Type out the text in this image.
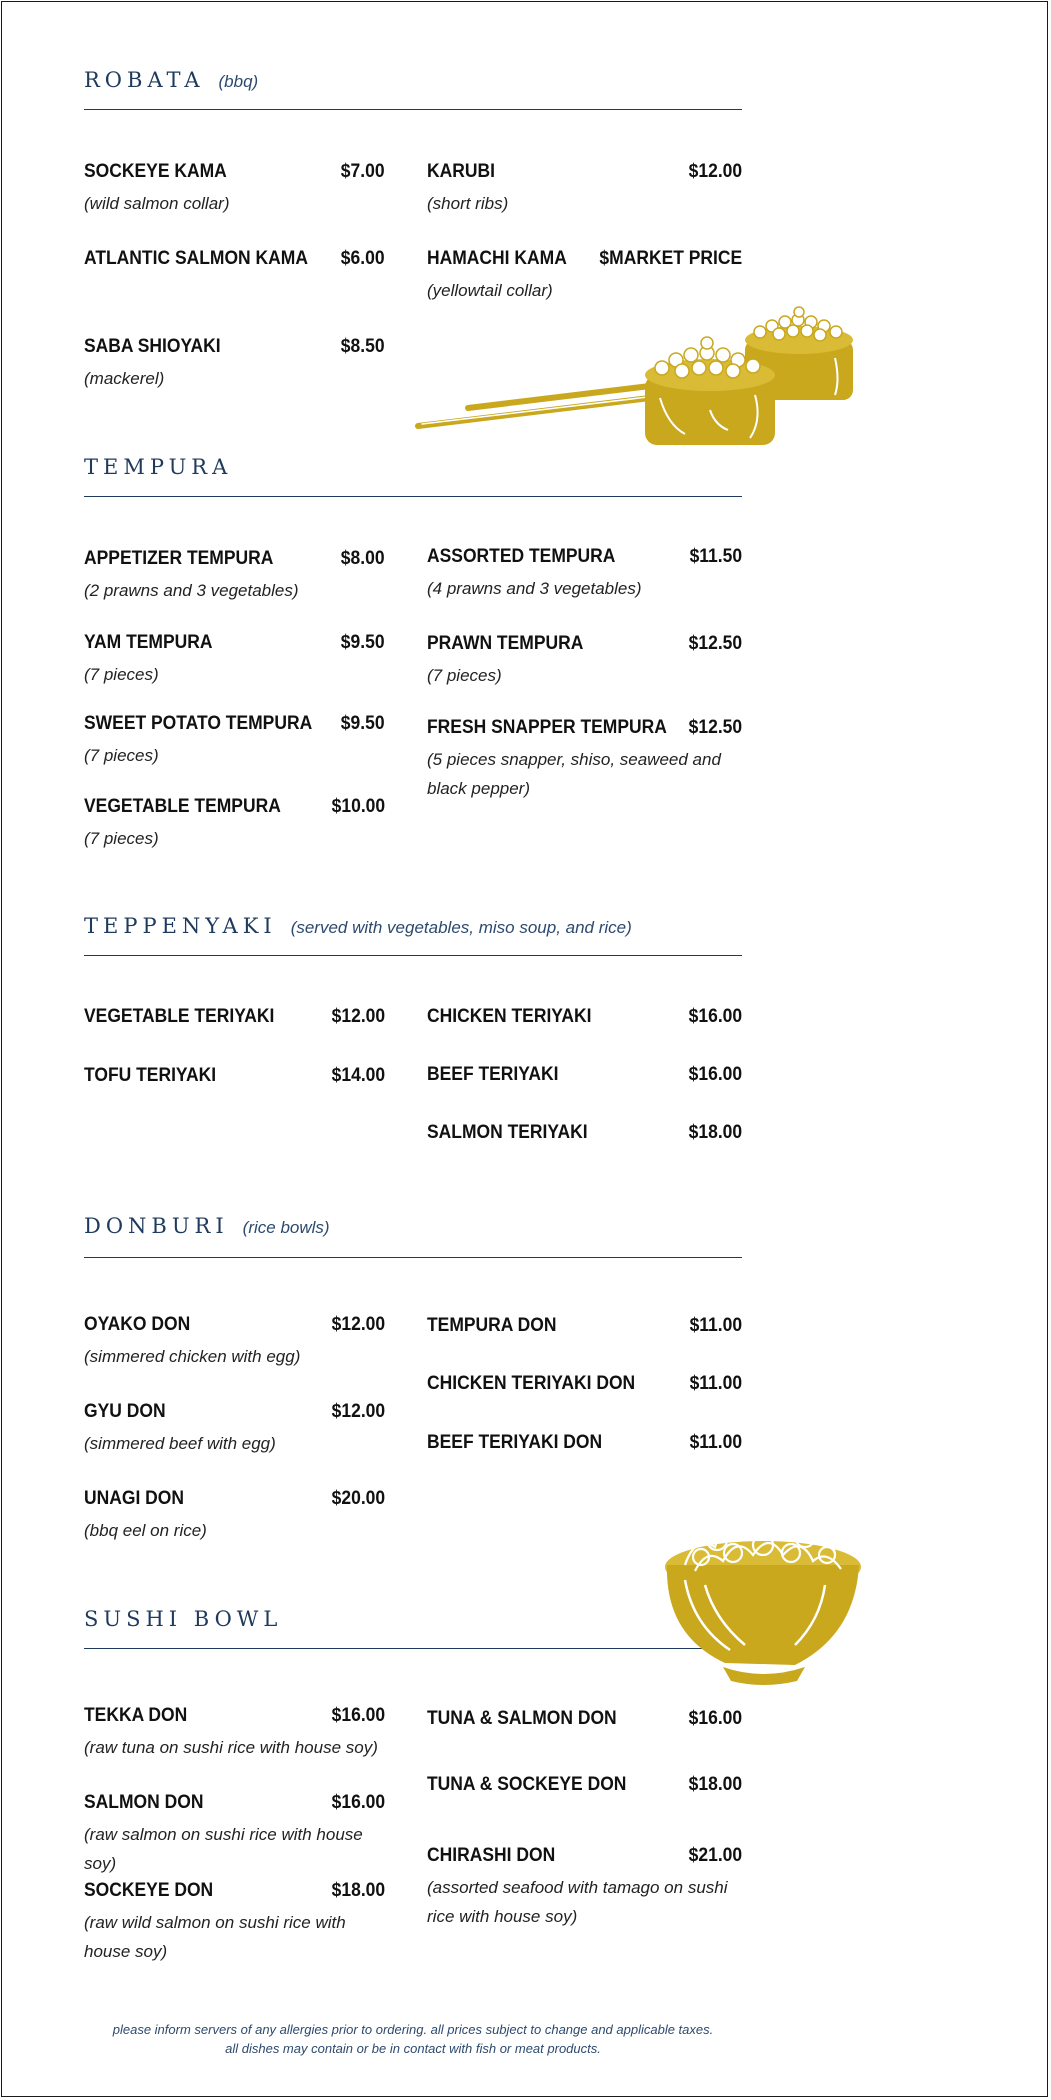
ROBATA (bbq)
SOCKEYE KAMA	$7.00
(wild salmon collar)
ATLANTIC SALMON KAMA $6.00
SABA SHIOYAKI	$8.50
(mackerel)
KARUBI	$12.00
(short ribs)
HAMACHI KAMA $MARKET PRICE
(yellowtail collar)
TEMPURA
APPETIZER TEMPURA	$8.00
(2 prawns and 3 vegetables)
YAM TEMPURA	$9.50
(7 pieces)
SWEET POTATO TEMPURA $9.50
(7 pieces)
VEGETABLE TEMPURA	$10.00
(7 pieces)
ASSORTED TEMPURA	$11.50
(4 prawns and 3 vegetables)
PRAWN TEMPURA	$12.50
(7 pieces)
FRESH SNAPPER TEMPURA $12.50
(5 pieces snapper, shiso, seaweed and black pepper)
TEPPENYAKI (served with vegetables, miso soup, and rice)
VEGETABLE TERIYAKI	$12.00
TOFU TERIYAKI	$14.00
CHICKEN TERIYAKI	$16.00
BEEF TERIYAKI	$16.00
SALMON TERIYAKI	$18.00
DONBURI (rice bowls)
OYAKO DON	$12.00
(simmered chicken with egg)
GYU DON	$12.00
(simmered beef with egg)
UNAGI DON	$20.00
(bbq eel on rice)
TEMPURA DON	$11.00
CHICKEN TERIYAKI DON	$11.00
BEEF TERIYAKI DON	$11.00
SUSHI BOWL
TEKKA DON	$16.00
(raw tuna on sushi rice with house soy)
SALMON DON	$16.00
(raw salmon on sushi rice with house soy)
SOCKEYE DON	$18.00
(raw wild salmon on sushi rice with house soy)
TUNA & SALMON DON	$16.00
TUNA & SOCKEYE DON	$18.00
CHIRASHI DON	$21.00
(assorted seafood with tamago on sushi rice with house soy)
please inform servers of any allergies prior to ordering. all prices subject to change and applicable taxes.
all dishes may contain or be in contact with fish or meat products.
